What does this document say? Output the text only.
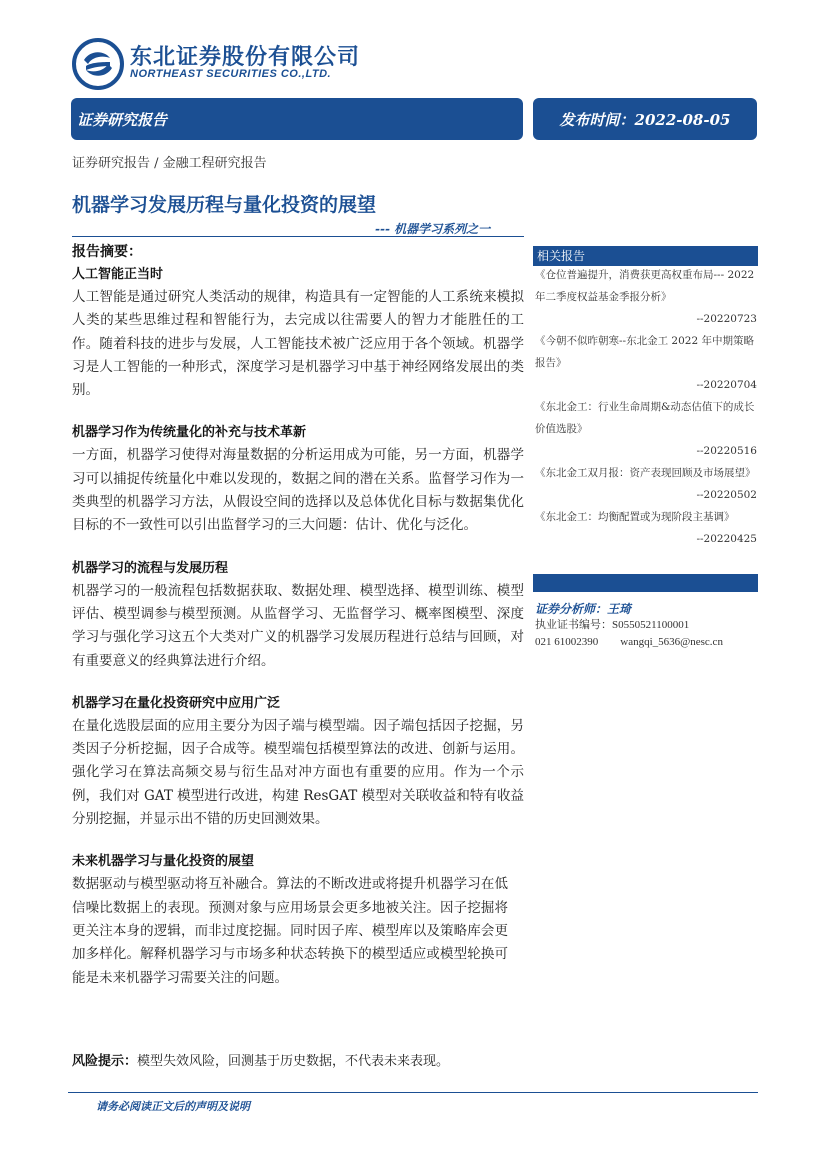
东北证券股份有限公司
NORTHEAST SECURITIES CO.,LTD.
证券研究报告	发布时间：2022-08-05
证券研究报告 / 金融工程研究报告
机器学习发展历程与量化投资的展望
--- 机器学习系列之一
报告摘要：
人工智能正当时

人工智能是通过研究人类活动的规律，构造具有一定智能的人工系统来模拟人类的某些思维过程和智能行为，去完成以往需要人的智力才能胜任的工作。随着科技的进步与发展，人工智能技术被广泛应用于各个领域。机器学习是人工智能的一种形式，深度学习是机器学习中基于神经网络发展出的类别。

机器学习作为传统量化的补充与技术革新

一方面，机器学习使得对海量数据的分析运用成为可能，另一方面，机器学习可以捕捉传统量化中难以发现的，数据之间的潜在关系。监督学习作为一类典型的机器学习方法，从假设空间的选择以及总体优化目标与数据集优化目标的不一致性可以引出监督学习的三大问题：估计、优化与泛化。

机器学习的流程与发展历程

机器学习的一般流程包括数据获取、数据处理、模型选择、模型训练、模型评估、模型调参与模型预测。从监督学习、无监督学习、概率图模型、深度学习与强化学习这五个大类对广义的机器学习发展历程进行总结与回顾，对有重要意义的经典算法进行介绍。

机器学习在量化投资研究中应用广泛

在量化选股层面的应用主要分为因子端与模型端。因子端包括因子挖掘，另类因子分析挖掘，因子合成等。模型端包括模型算法的改进、创新与运用。强化学习在算法高频交易与衍生品对冲方面也有重要的应用。作为一个示例，我们对 GAT 模型进行改进，构建 ResGAT 模型对关联收益和特有收益分别挖掘，并显示出不错的历史回测效果。

未来机器学习与量化投资的展望

数据驱动与模型驱动将互补融合。算法的不断改进或将提升机器学习在低信噪比数据上的表现。预测对象与应用场景会更多地被关注。因子挖掘将更关注本身的逻辑，而非过度挖掘。同时因子库、模型库以及策略库会更加多样化。解释机器学习与市场多种状态转换下的模型适应或模型轮换可能是未来机器学习需要关注的问题。

相关报告
《仓位普遍提升，消费获更高权重布局--- 2022 年二季度权益基金季报分析》
--20220723
《今朝不似昨朝寒--东北金工 2022 年中期策略报告》
--20220704
《东北金工：行业生命周期&动态估值下的成长价值选股》
--20220516
《东北金工双月报：资产表现回顾及市场展望》
--20220502
《东北金工：均衡配置或为现阶段主基调》
--20220425
证券分析师：王琦
执业证书编号：S0550521100001
021 61002390 wangqi_5636@nesc.cn
风险提示：模型失效风险，回测基于历史数据，不代表未来表现。
请务必阅读正文后的声明及说明
